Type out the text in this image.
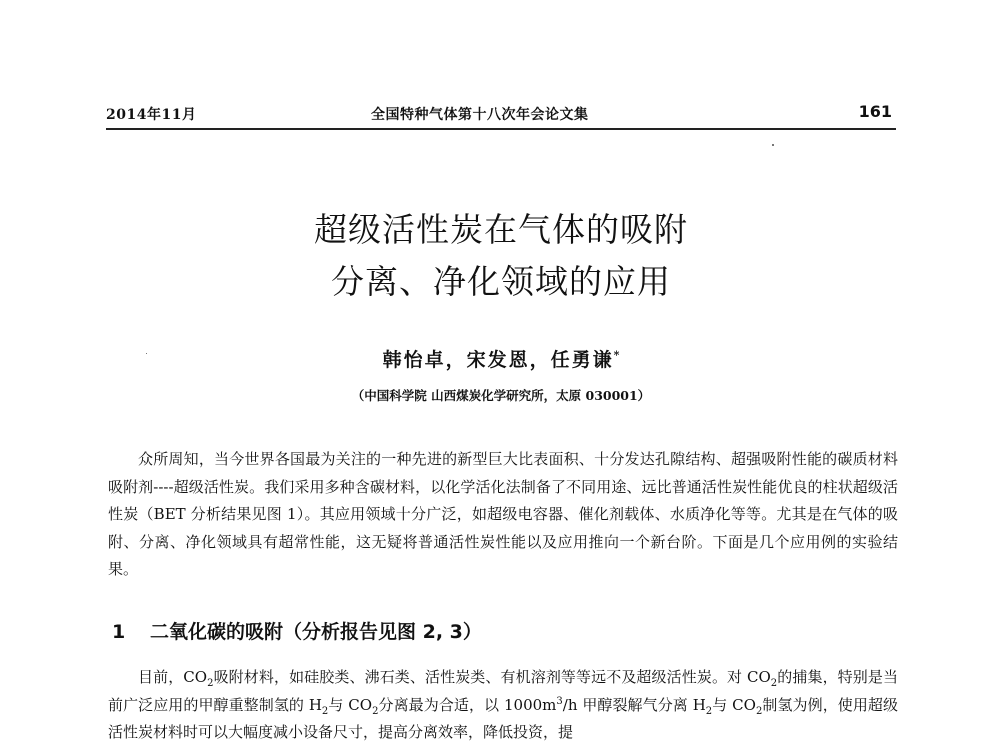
2014年11月	全国特种气体第十八次年会论文集	161
超级活性炭在气体的吸附
分离、净化领域的应用
韩怡卓，宋发恩，任勇谦*
（中国科学院 山西煤炭化学研究所，太原 030001）

众所周知，当今世界各国最为关注的一种先进的新型巨大比表面积、十分发达孔隙结构、超强吸附性能的碳质材料吸附剂----超级活性炭。我们采用多种含碳材料，以化学活化法制备了不同用途、远比普通活性炭性能优良的柱状超级活性炭（BET 分析结果见图 1）。其应用领域十分广泛，如超级电容器、催化剂载体、水质净化等等。尤其是在气体的吸附、分离、净化领域具有超常性能，这无疑将普通活性炭性能以及应用推向一个新台阶。下面是几个应用例的实验结果。

1 二氧化碳的吸附（分析报告见图 2, 3）

目前，$CO_2$吸附材料，如硅胶类、沸石类、活性炭类、有机溶剂等等远不及超级活性炭。对 $CO_2$的捕集，特别是当前广泛应用的甲醇重整制氢的 $H_2$与 $CO_2$分离最为合适，以 $1000m^3/h$ 甲醇裂解气分离 $H_2$与 $CO_2$制氢为例，使用超级活性炭材料时可以大幅度减小设备尺寸，提高分离效率，降低投资，提
